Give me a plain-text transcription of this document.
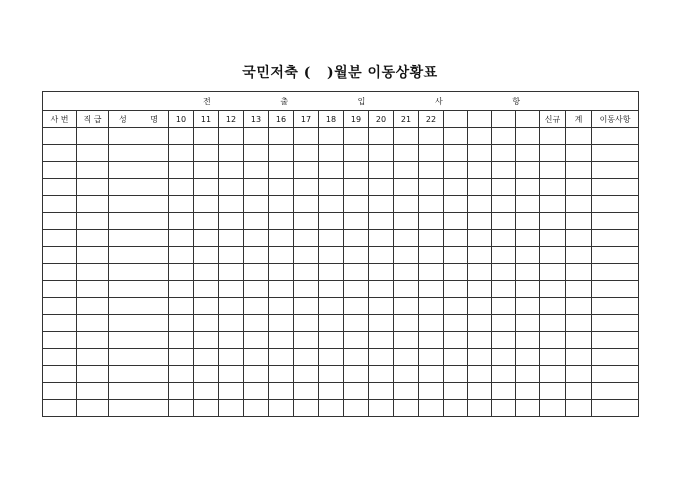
국민저축 (   )월분 이동상황표
전 출 입 사 항																				

사 번	직 급	성 명	10	11	12	13	16	17	18	19	20	21	22					신규	계	이동사항
